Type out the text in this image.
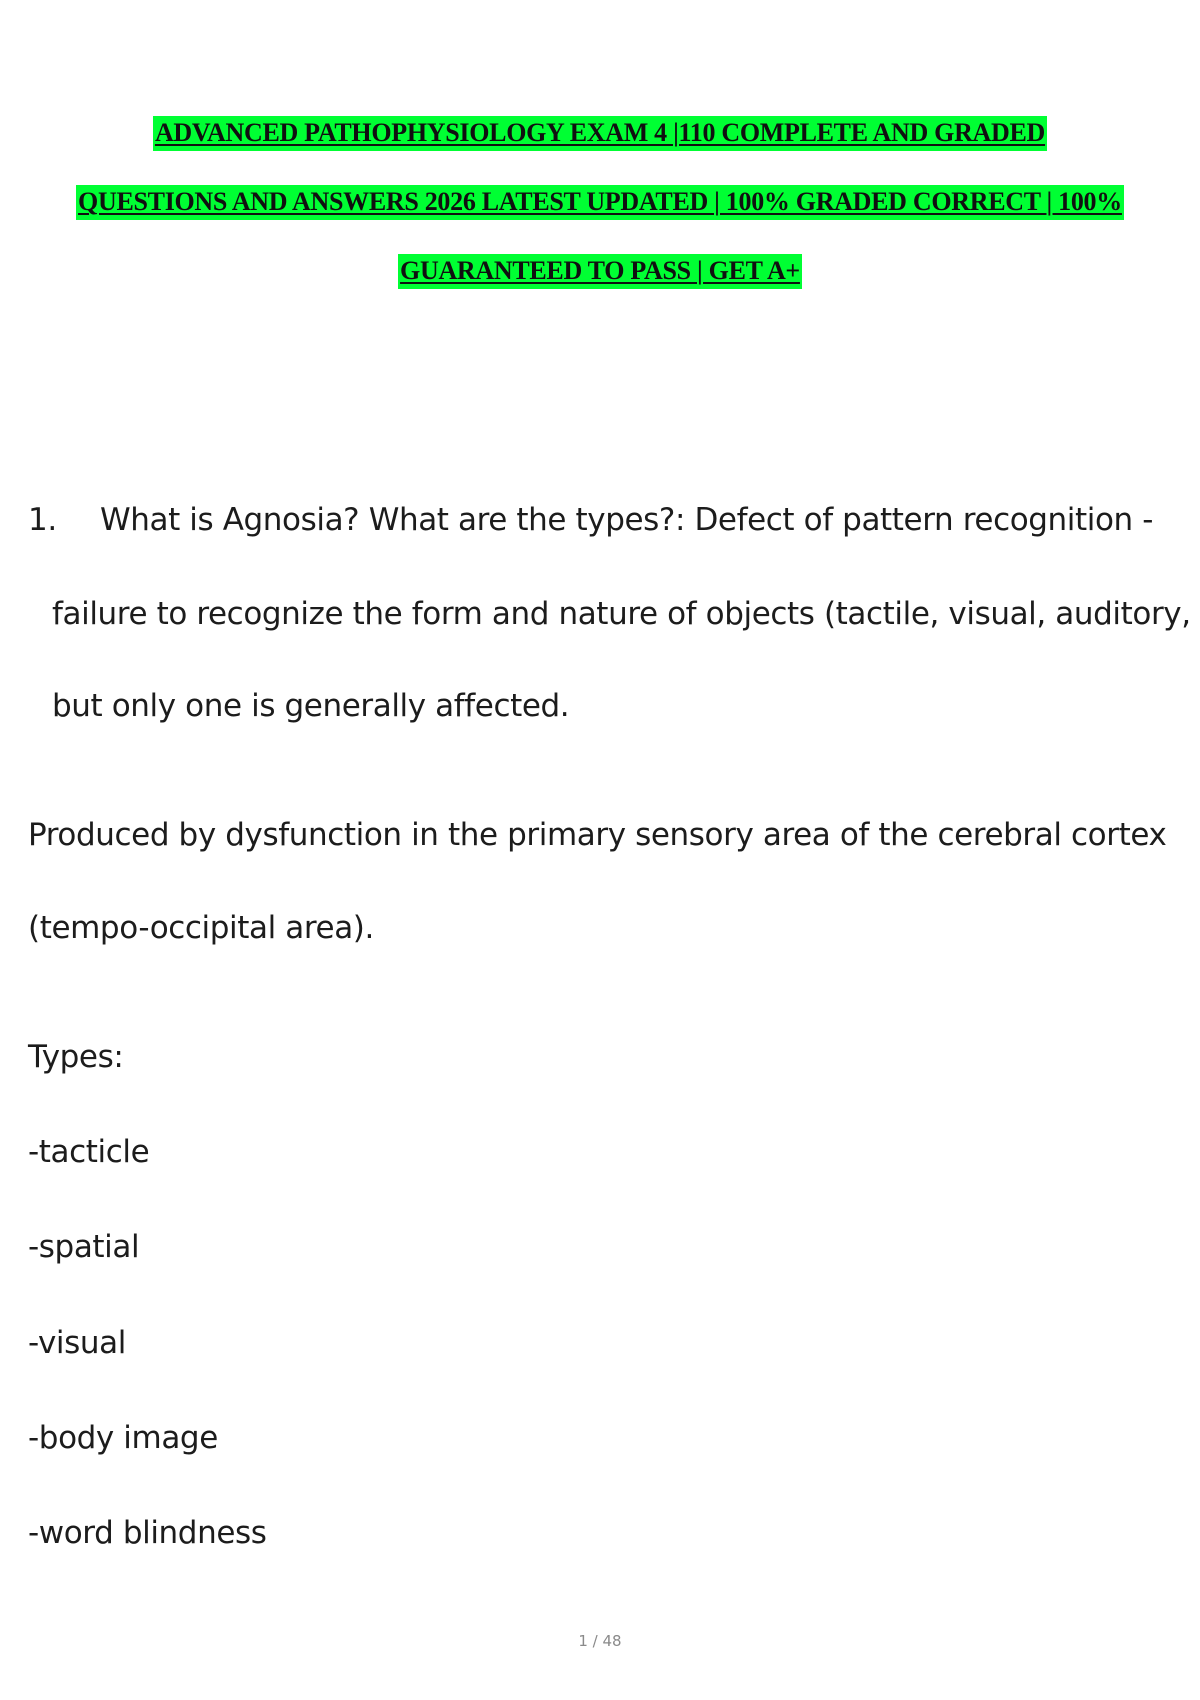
ADVANCED PATHOPHYSIOLOGY EXAM 4 |110 COMPLETE AND GRADED
QUESTIONS AND ANSWERS 2026 LATEST UPDATED | 100% GRADED CORRECT | 100%
GUARANTEED TO PASS | GET A+
1. What is Agnosia? What are the types?: Defect of pattern recognition -
failure to recognize the form and nature of objects (tactile, visual, auditory,
but only one is generally affected.
Produced by dysfunction in the primary sensory area of the cerebral cortex
(tempo-occipital area).
Types:
-tacticle
-spatial
-visual
-body image
-word blindness
1 / 48
